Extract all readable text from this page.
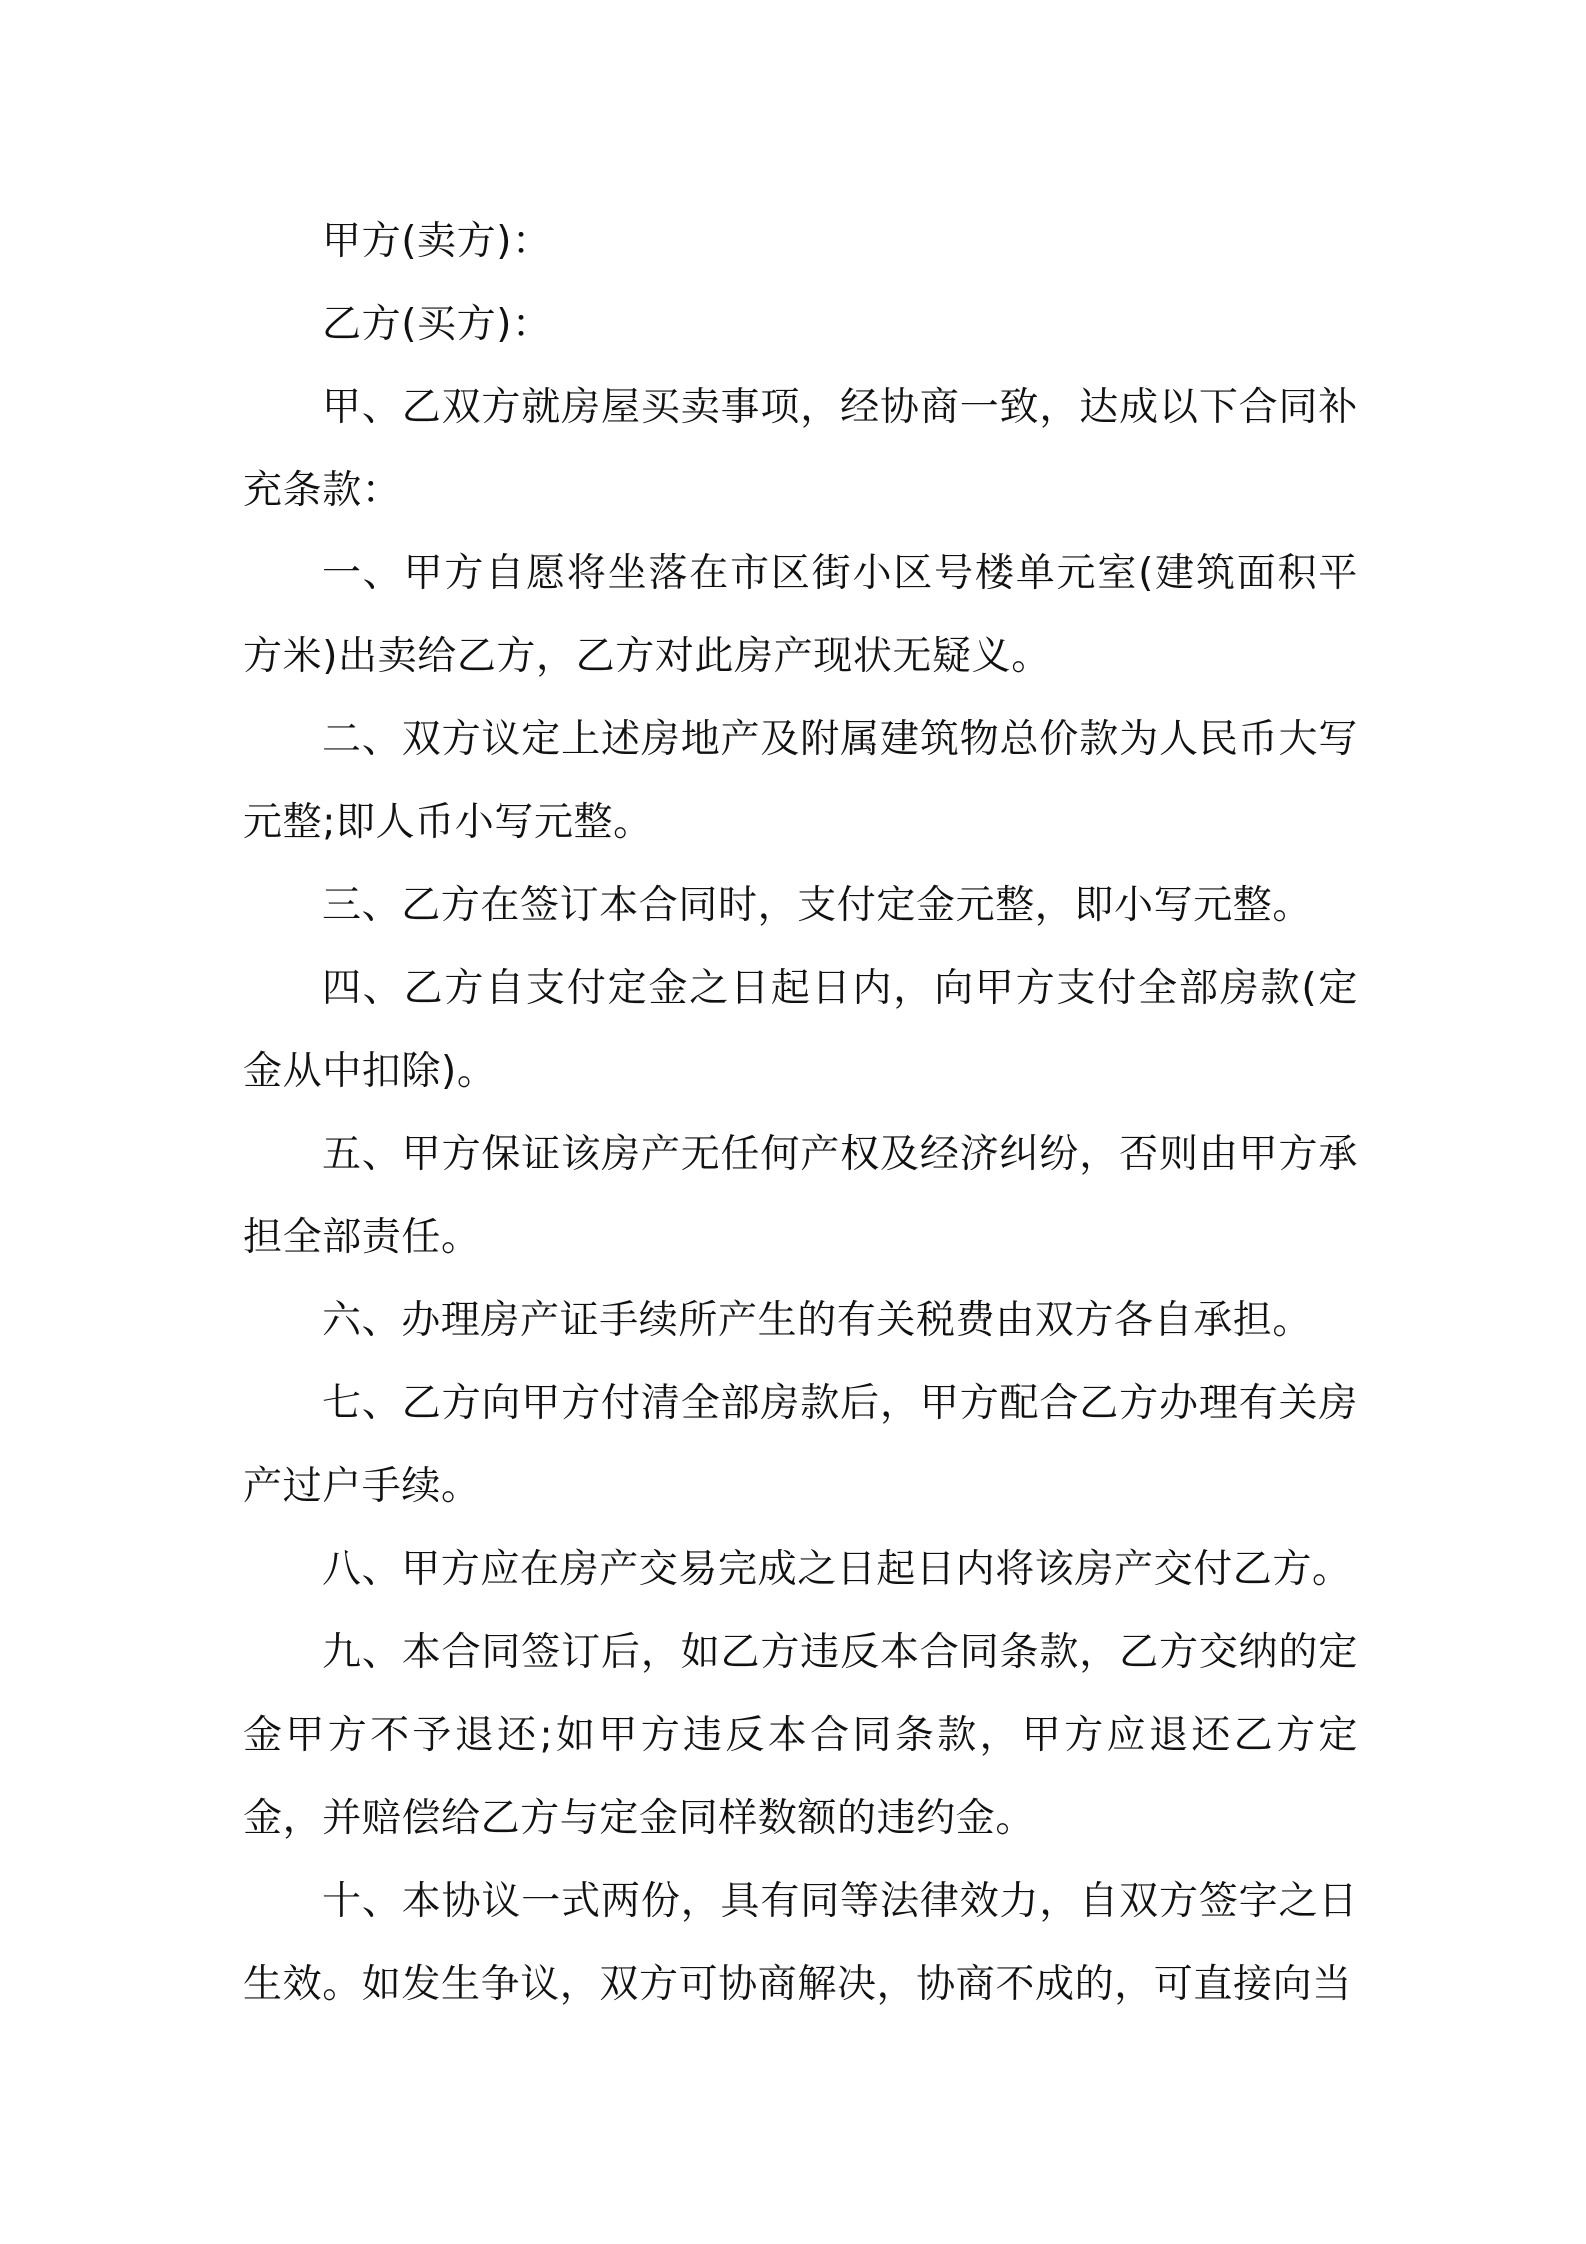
甲方(卖方)：

乙方(买方)：

甲、乙双方就房屋买卖事项，经协商一致，达成以下合同补充条款：

一、甲方自愿将坐落在市区街小区号楼单元室(建筑面积平方米)出卖给乙方，乙方对此房产现状无疑义。

二、双方议定上述房地产及附属建筑物总价款为人民币大写元整;即人币小写元整。

三、乙方在签订本合同时，支付定金元整，即小写元整。

四、乙方自支付定金之日起日内，向甲方支付全部房款(定金从中扣除)。

五、甲方保证该房产无任何产权及经济纠纷，否则由甲方承担全部责任。

六、办理房产证手续所产生的有关税费由双方各自承担。

七、乙方向甲方付清全部房款后，甲方配合乙方办理有关房产过户手续。

八、甲方应在房产交易完成之日起日内将该房产交付乙方。

九、本合同签订后，如乙方违反本合同条款，乙方交纳的定金甲方不予退还;如甲方违反本合同条款，甲方应退还乙方定金，并赔偿给乙方与定金同样数额的违约金。

十、本协议一式两份，具有同等法律效力，自双方签字之日生效。如发生争议，双方可协商解决，协商不成的，可直接向当
